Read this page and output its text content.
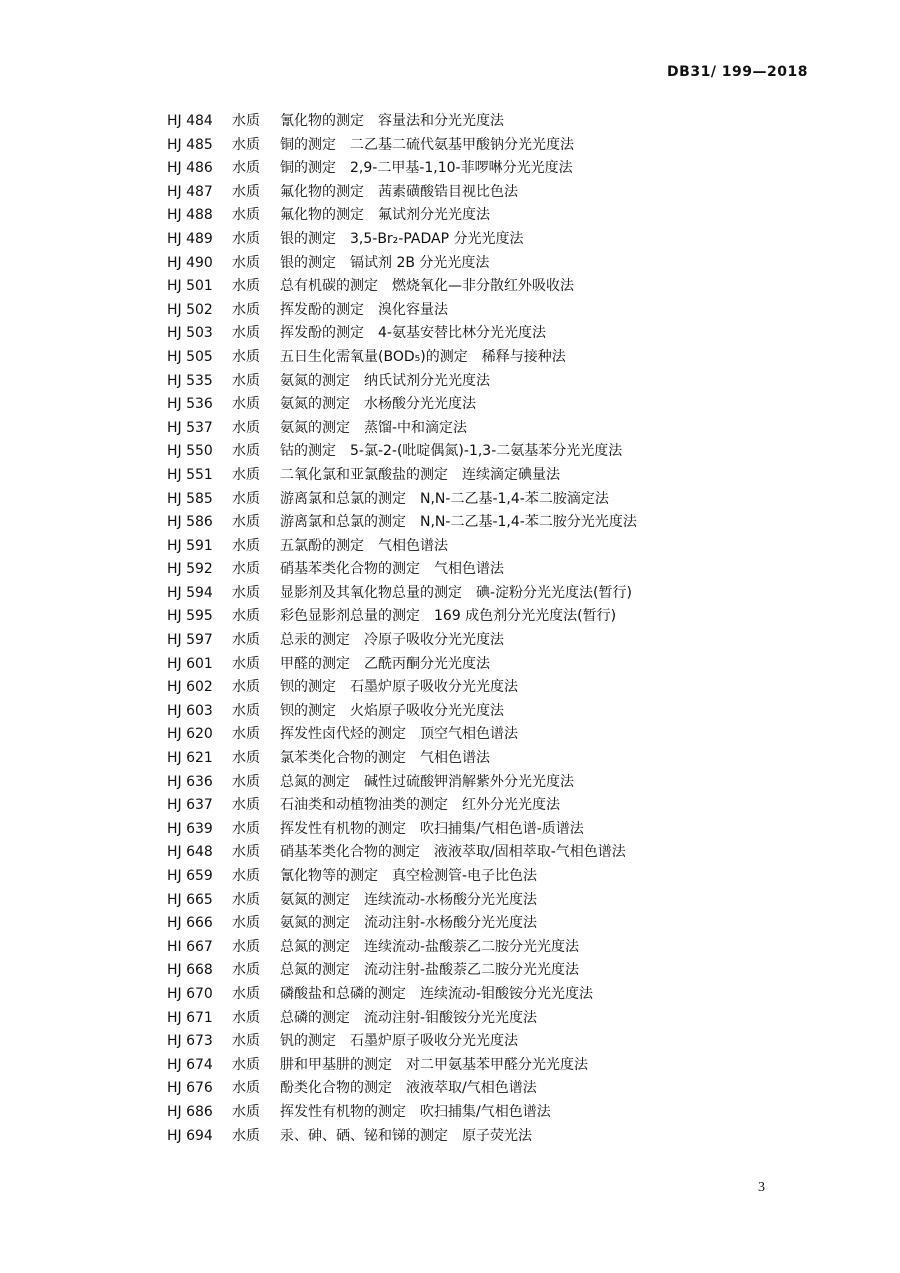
DB31/ 199—2018
HJ 484	水质	氰化物的测定　容量法和分光光度法
HJ 485	水质	铜的测定　二乙基二硫代氨基甲酸钠分光光度法
HJ 486	水质	铜的测定　2,9-二甲基-1,10-菲啰啉分光光度法
HJ 487	水质	氟化物的测定　茜素磺酸锆目视比色法
HJ 488	水质	氟化物的测定　氟试剂分光光度法
HJ 489	水质	银的测定　3,5-Br₂-PADAP 分光光度法
HJ 490	水质	银的测定　镉试剂 2B 分光光度法
HJ 501	水质	总有机碳的测定　燃烧氧化—非分散红外吸收法
HJ 502	水质	挥发酚的测定　溴化容量法
HJ 503	水质	挥发酚的测定　4-氨基安替比林分光光度法
HJ 505	水质	五日生化需氧量(BOD₅)的测定　稀释与接种法
HJ 535	水质	氨氮的测定　纳氏试剂分光光度法
HJ 536	水质	氨氮的测定　水杨酸分光光度法
HJ 537	水质	氨氮的测定　蒸馏-中和滴定法
HJ 550	水质	钴的测定　5-氯-2-(吡啶偶氮)-1,3-二氨基苯分光光度法
HJ 551	水质	二氧化氯和亚氯酸盐的测定　连续滴定碘量法
HJ 585	水质	游离氯和总氯的测定　N,N-二乙基-1,4-苯二胺滴定法
HJ 586	水质	游离氯和总氯的测定　N,N-二乙基-1,4-苯二胺分光光度法
HJ 591	水质	五氯酚的测定　气相色谱法
HJ 592	水质	硝基苯类化合物的测定　气相色谱法
HJ 594	水质	显影剂及其氧化物总量的测定　碘-淀粉分光光度法(暂行)
HJ 595	水质	彩色显影剂总量的测定　169 成色剂分光光度法(暂行)
HJ 597	水质	总汞的测定　冷原子吸收分光光度法
HJ 601	水质	甲醛的测定　乙酰丙酮分光光度法
HJ 602	水质	钡的测定　石墨炉原子吸收分光光度法
HJ 603	水质	钡的测定　火焰原子吸收分光光度法
HJ 620	水质	挥发性卤代烃的测定　顶空气相色谱法
HJ 621	水质	氯苯类化合物的测定　气相色谱法
HJ 636	水质	总氮的测定　碱性过硫酸钾消解紫外分光光度法
HJ 637	水质	石油类和动植物油类的测定　红外分光光度法
HJ 639	水质	挥发性有机物的测定　吹扫捕集/气相色谱-质谱法
HJ 648	水质	硝基苯类化合物的测定　液液萃取/固相萃取-气相色谱法
HJ 659	水质	氰化物等的测定　真空检测管-电子比色法
HJ 665	水质	氨氮的测定　连续流动-水杨酸分光光度法
HJ 666	水质	氨氮的测定　流动注射-水杨酸分光光度法
HI 667	水质	总氮的测定　连续流动-盐酸萘乙二胺分光光度法
HJ 668	水质	总氮的测定　流动注射-盐酸萘乙二胺分光光度法
HJ 670	水质	磷酸盐和总磷的测定　连续流动-钼酸铵分光光度法
HJ 671	水质	总磷的测定　流动注射-钼酸铵分光光度法
HJ 673	水质	钒的测定　石墨炉原子吸收分光光度法
HJ 674	水质	肼和甲基肼的测定　对二甲氨基苯甲醛分光光度法
HJ 676	水质	酚类化合物的测定　液液萃取/气相色谱法
HJ 686	水质	挥发性有机物的测定　吹扫捕集/气相色谱法
HJ 694	水质	汞、砷、硒、铋和锑的测定　原子荧光法
3
